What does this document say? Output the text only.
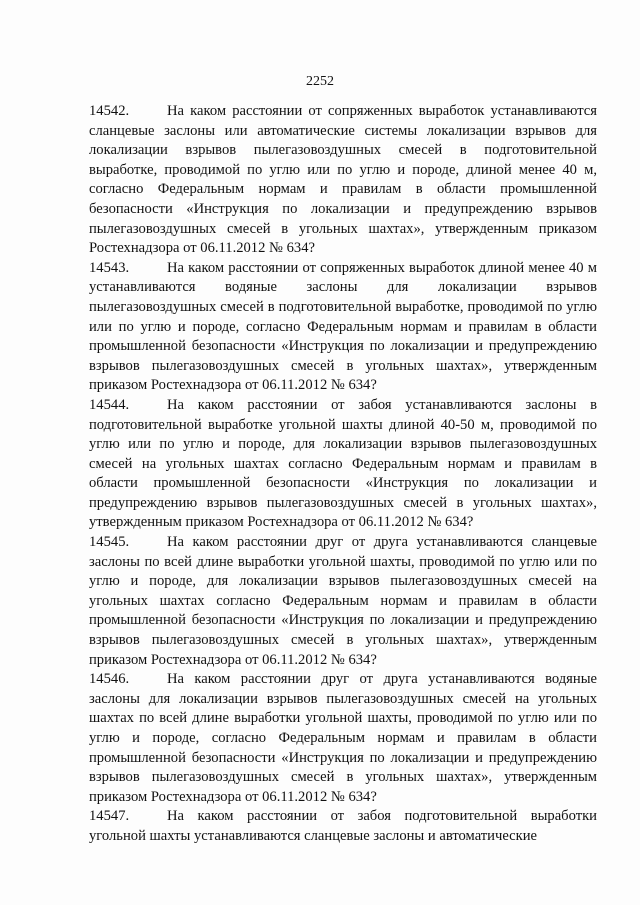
2252

14542.	На каком расстоянии от сопряженных выработок устанавливаются сланцевые заслоны или автоматические системы локализации взрывов для локализации взрывов пылегазовоздушных смесей в подготовительной выработке, проводимой по углю или по углю и породе, длиной менее 40 м, согласно Федеральным нормам и правилам в области промышленной безопасности «Инструкция по локализации и предупреждению взрывов пылегазовоздушных смесей в угольных шахтах», утвержденным приказом Ростехнадзора от 06.11.2012 № 634?

14543.	На каком расстоянии от сопряженных выработок длиной менее 40 м устанавливаются водяные заслоны для локализации взрывов пылегазовоздушных смесей в подготовительной выработке, проводимой по углю или по углю и породе, согласно Федеральным нормам и правилам в области промышленной безопасности «Инструкция по локализации и предупреждению взрывов пылегазовоздушных смесей в угольных шахтах», утвержденным приказом Ростехнадзора от 06.11.2012 № 634?

14544.	На каком расстоянии от забоя устанавливаются заслоны в подготовительной выработке угольной шахты длиной 40-50 м, проводимой по углю или по углю и породе, для локализации взрывов пылегазовоздушных смесей на угольных шахтах согласно Федеральным нормам и правилам в области промышленной безопасности «Инструкция по локализации и предупреждению взрывов пылегазовоздушных смесей в угольных шахтах», утвержденным приказом Ростехнадзора от 06.11.2012 № 634?

14545.	На каком расстоянии друг от друга устанавливаются сланцевые заслоны по всей длине выработки угольной шахты, проводимой по углю или по углю и породе, для локализации взрывов пылегазовоздушных смесей на угольных шахтах согласно Федеральным нормам и правилам в области промышленной безопасности «Инструкция по локализации и предупреждению взрывов пылегазовоздушных смесей в угольных шахтах», утвержденным приказом Ростехнадзора от 06.11.2012 № 634?

14546.	На каком расстоянии друг от друга устанавливаются водяные заслоны для локализации взрывов пылегазовоздушных смесей на угольных шахтах по всей длине выработки угольной шахты, проводимой по углю или по углю и породе, согласно Федеральным нормам и правилам в области промышленной безопасности «Инструкция по локализации и предупреждению взрывов пылегазовоздушных смесей в угольных шахтах», утвержденным приказом Ростехнадзора от 06.11.2012 № 634?

14547.	На каком расстоянии от забоя подготовительной выработки угольной шахты устанавливаются сланцевые заслоны и автоматические
